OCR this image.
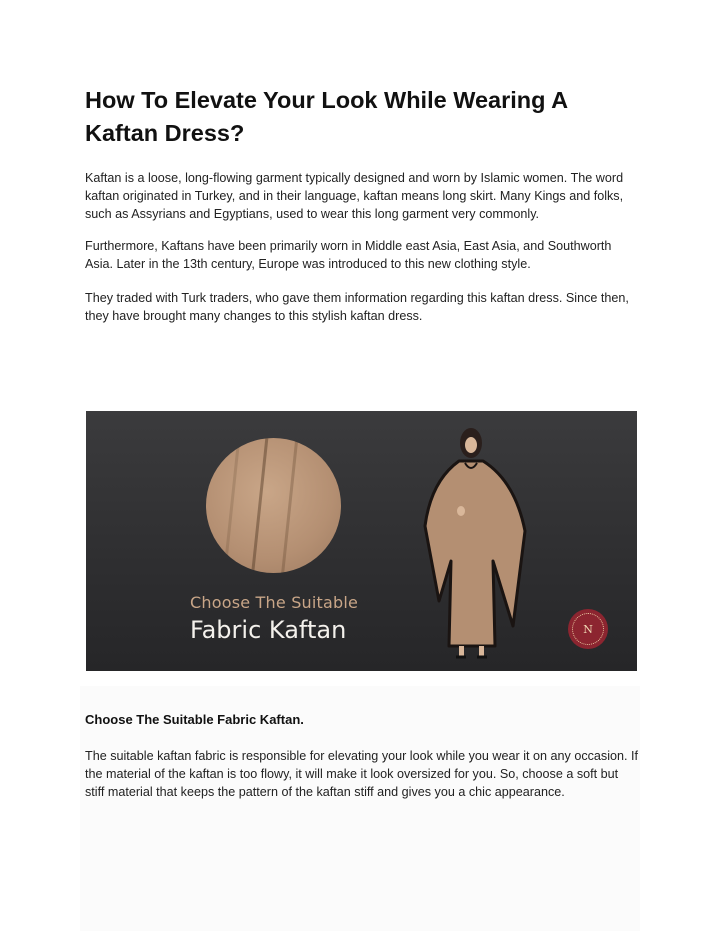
How To Elevate Your Look While Wearing A Kaftan Dress?

Kaftan is a loose, long-flowing garment typically designed and worn by Islamic women. The word kaftan originated in Turkey, and in their language, kaftan means long skirt. Many Kings and folks, such as Assyrians and Egyptians, used to wear this long garment very commonly.

Furthermore, Kaftans have been primarily worn in Middle east Asia, East Asia, and Southworth Asia. Later in the 13th century, Europe was introduced to this new clothing style.

They traded with Turk traders, who gave them information regarding this kaftan dress. Since then, they have brought many changes to this stylish kaftan dress.

Choose The Suitable
Fabric Kaftan	N
Choose The Suitable Fabric Kaftan.

The suitable kaftan fabric is responsible for elevating your look while you wear it on any occasion. If the material of the kaftan is too flowy, it will make it look oversized for you. So, choose a soft but stiff material that keeps the pattern of the kaftan stiff and gives you a chic appearance.
